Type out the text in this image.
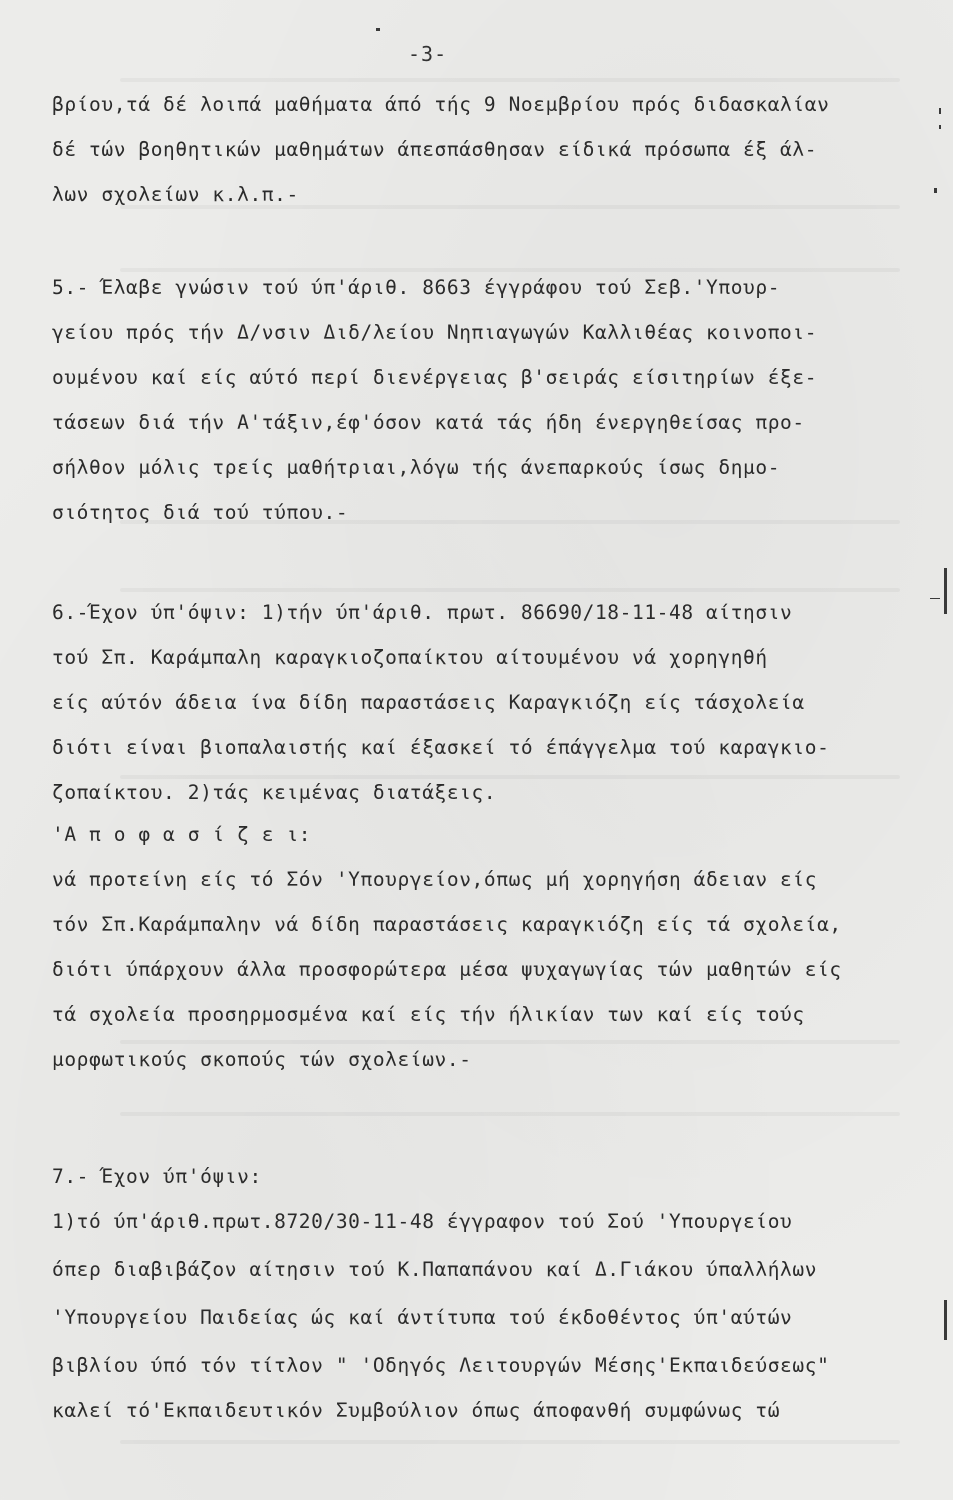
-3-
βρίου,τά δέ λοιπά μαθήματα άπό τής 9 Νοεμβρίου πρός διδασκαλίαν
δέ τών βοηθητικών μαθημάτων άπεσπάσθησαν είδικά πρόσωπα έξ άλ-
λων σχολείων κ.λ.π.-
5.- Έλαβε γνώσιν τού ύπ'άριθ. 8663 έγγράφου τού Σεβ.'Υπουρ-
γείου πρός τήν Δ/νσιν Διδ/λείου Νηπιαγωγών Καλλιθέας κοινοποι-
ουμένου καί είς αύτό περί διενέργειας β'σειράς είσιτηρίων έξε-
τάσεων διά τήν Α'τάξιν,έφ'όσον κατά τάς ήδη ένεργηθείσας προ-
σήλθον μόλις τρείς μαθήτριαι,λόγω τής άνεπαρκούς ίσως δημο-
σιότητος διά τού τύπου.-
6.-Έχον ύπ'όψιν: 1)τήν ύπ'άριθ. πρωτ. 86690/18-11-48 αίτησιν
τού Σπ. Καράμπαλη καραγκιοζοπαίκτου αίτουμένου νά χορηγηθή
είς αύτόν άδεια ίνα δίδη παραστάσεις Καραγκιόζη είς τάσχολεία
διότι είναι βιοπαλαιστής καί έξασκεί τό έπάγγελμα τού καραγκιο-
ζοπαίκτου. 2)τάς κειμένας διατάξεις.
'Α π ο φ α σ ί ζ ε ι:
νά προτείνη είς τό Σόν 'Υπουργείον,όπως μή χορηγήση άδειαν είς
τόν Σπ.Καράμπαλην νά δίδη παραστάσεις καραγκιόζη είς τά σχολεία,
διότι ύπάρχουν άλλα προσφορώτερα μέσα ψυχαγωγίας τών μαθητών είς
τά σχολεία προσηρμοσμένα καί είς τήν ήλικίαν των καί είς τούς
μορφωτικούς σκοπούς τών σχολείων.-
7.- Έχον ύπ'όψιν:
1)τό ύπ'άριθ.πρωτ.8720/30-11-48 έγγραφον τού Σού 'Υπουργείου
όπερ διαβιβάζον αίτησιν τού Κ.Παπαπάνου καί Δ.Γιάκου ύπαλλήλων
'Υπουργείου Παιδείας ώς καί άντίτυπα τού έκδοθέντος ύπ'αύτών
βιβλίου ύπό τόν τίτλον " 'Οδηγός Λειτουργών Μέσης'Εκπαιδεύσεως"
καλεί τό'Εκπαιδευτικόν Συμβούλιον όπως άποφανθή συμφώνως τώ
